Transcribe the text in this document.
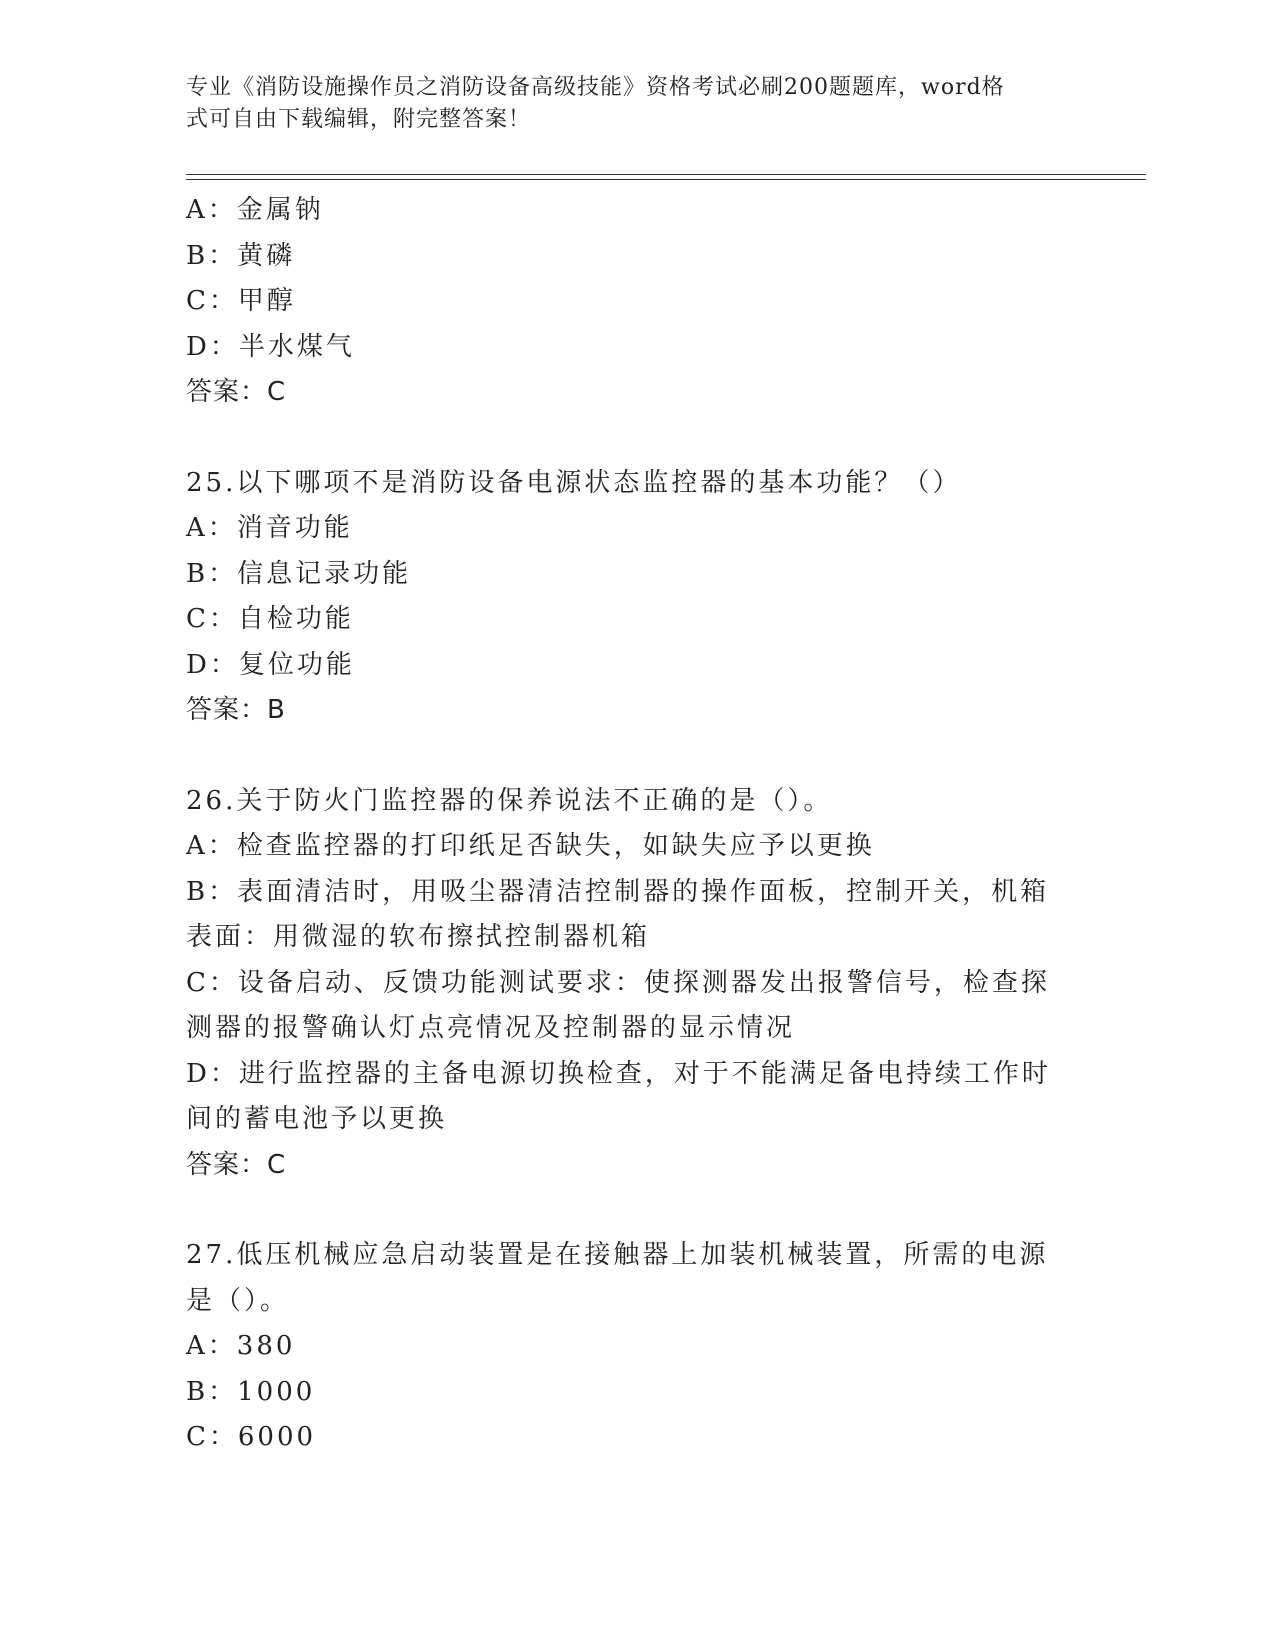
专业《消防设施操作员之消防设备高级技能》资格考试必刷200题题库，word格
式可自由下载编辑，附完整答案！
A：金属钠
B：黄磷
C：甲醇
D：半水煤气
答案：C
25.以下哪项不是消防设备电源状态监控器的基本功能？（）
A：消音功能
B：信息记录功能
C：自检功能
D：复位功能
答案：B
26.关于防火门监控器的保养说法不正确的是（）。
A：检查监控器的打印纸足否缺失，如缺失应予以更换
B：表面清洁时，用吸尘器清洁控制器的操作面板，控制开关，机箱表面：用微湿的软布擦拭控制器机箱
C：设备启动、反馈功能测试要求：使探测器发出报警信号，检查探测器的报警确认灯点亮情况及控制器的显示情况
D：进行监控器的主备电源切换检查，对于不能满足备电持续工作时间的蓄电池予以更换
答案：C
27.低压机械应急启动装置是在接触器上加装机械装置，所需的电源是（）。
A：380
B：1000
C：6000
